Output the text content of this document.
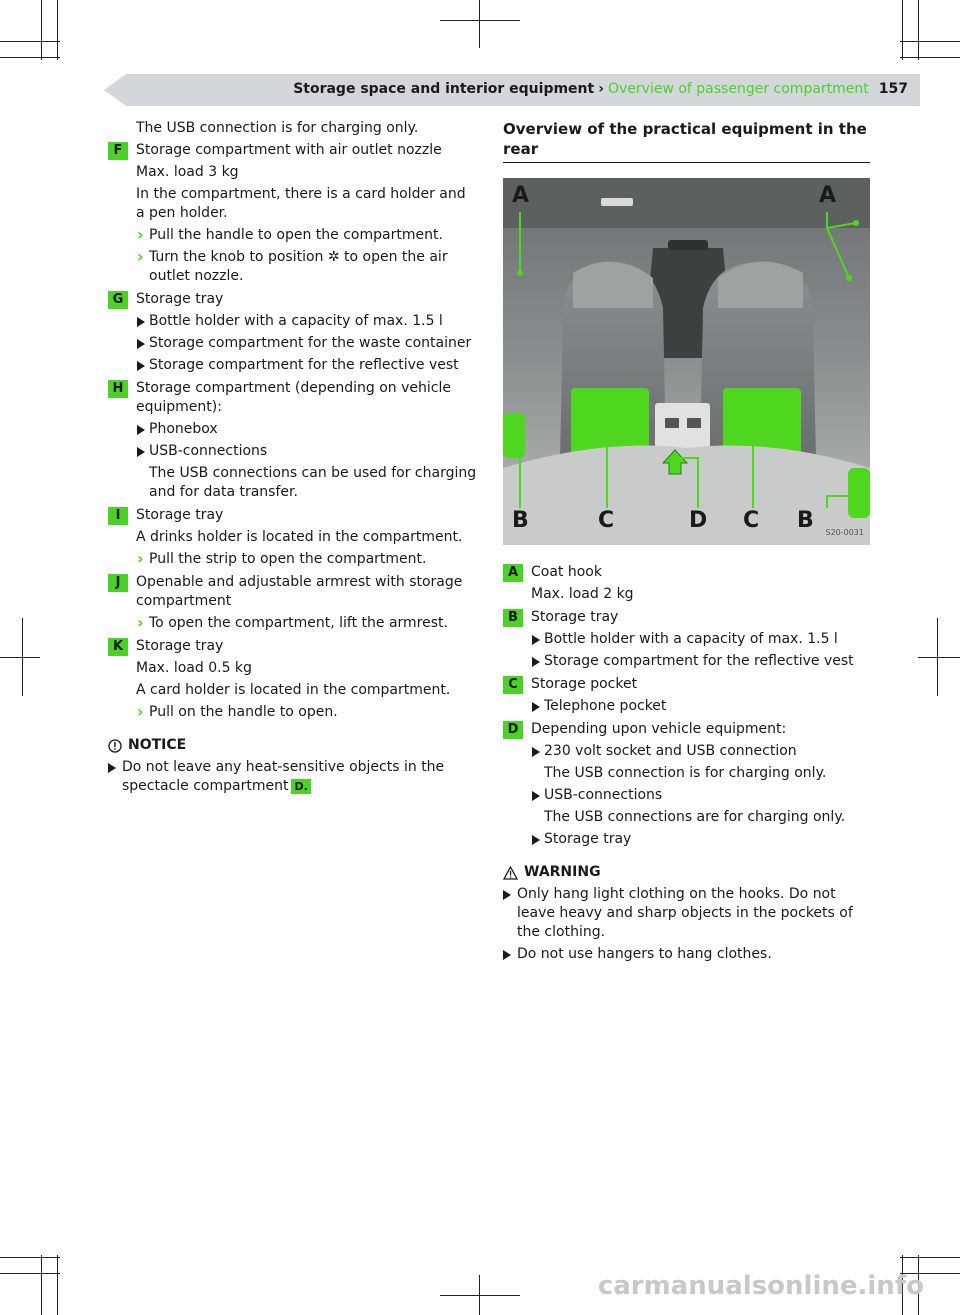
Storage space and interior equipment › Overview of passenger compartment 157
The USB connection is for charging only.
F Storage compartment with air outlet nozzle
Max. load 3 kg
In the compartment, there is a card holder and a pen holder.
› Pull the handle to open the compartment.
› Turn the knob to position ✲ to open the air outlet nozzle.
G Storage tray
Bottle holder with a capacity of max. 1.5 l
Storage compartment for the waste container
Storage compartment for the reflective vest
H Storage compartment (depending on vehicle equipment):
Phonebox
USB-connections
The USB connections can be used for charging and for data transfer.
I	Storage tray
A drinks holder is located in the compartment.
› Pull the strip to open the compartment.
J	Openable and adjustable armrest with storage compartment
› To open the compartment, lift the armrest.
K Storage tray
Max. load 0.5 kg
A card holder is located in the compartment.
› Pull on the handle to open.
NOTICE
Do not leave any heat-sensitive objects in the spectacle compartment D.
Overview of the practical equipment in the rear
A	A
B	C	D C B S20-0031
A Coat hook
Max. load 2 kg
B Storage tray
Bottle holder with a capacity of max. 1.5 l
Storage compartment for the reflective vest
C Storage pocket
Telephone pocket
D Depending upon vehicle equipment:
230 volt socket and USB connection
The USB connection is for charging only.
USB-connections
The USB connections are for charging only.
Storage tray
WARNING
Only hang light clothing on the hooks. Do not leave heavy and sharp objects in the pockets of the clothing.
Do not use hangers to hang clothes.
carmanualsonline.info
